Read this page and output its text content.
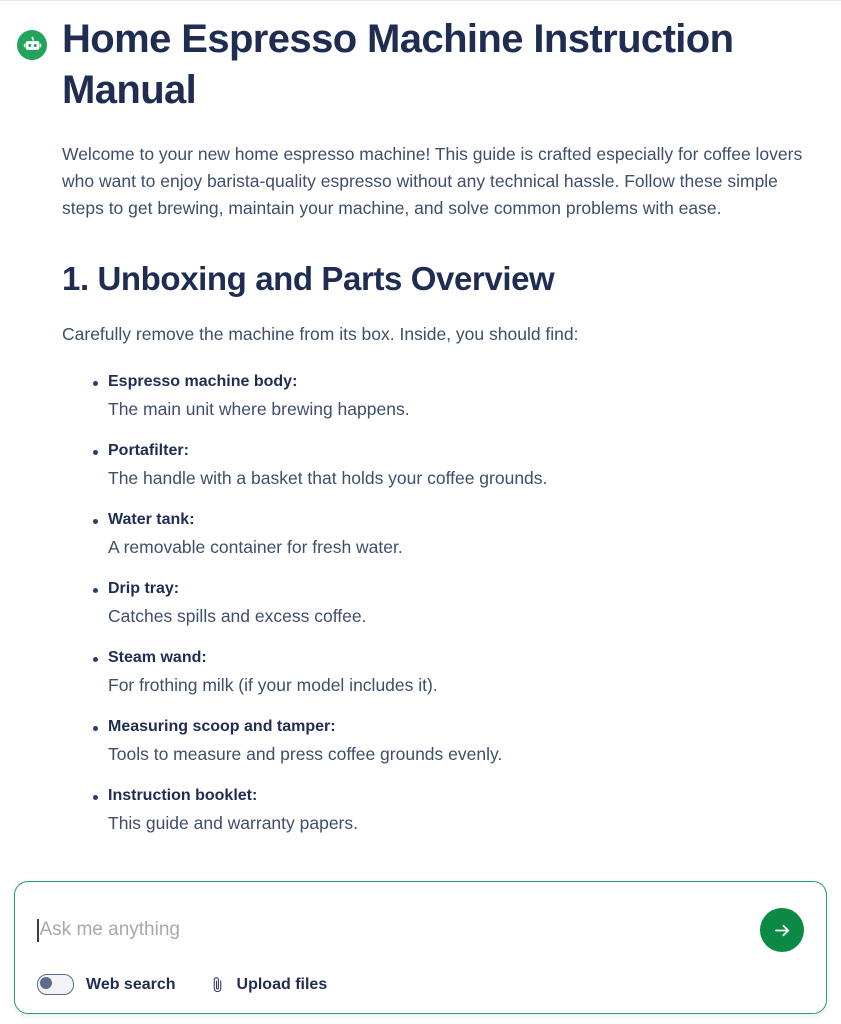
Home Espresso Machine Instruction Manual

Welcome to your new home espresso machine! This guide is crafted especially for coffee lovers who want to enjoy barista-quality espresso without any technical hassle. Follow these simple steps to get brewing, maintain your machine, and solve common problems with ease.

1. Unboxing and Parts Overview

Carefully remove the machine from its box. Inside, you should find:

Espresso machine body:
The main unit where brewing happens.
Portafilter:
The handle with a basket that holds your coffee grounds.
Water tank:
A removable container for fresh water.
Drip tray:
Catches spills and excess coffee.
Steam wand:
For frothing milk (if your model includes it).
Measuring scoop and tamper:
Tools to measure and press coffee grounds evenly.
Instruction booklet:
This guide and warranty papers.
Ask me anything
Web search	Upload files
